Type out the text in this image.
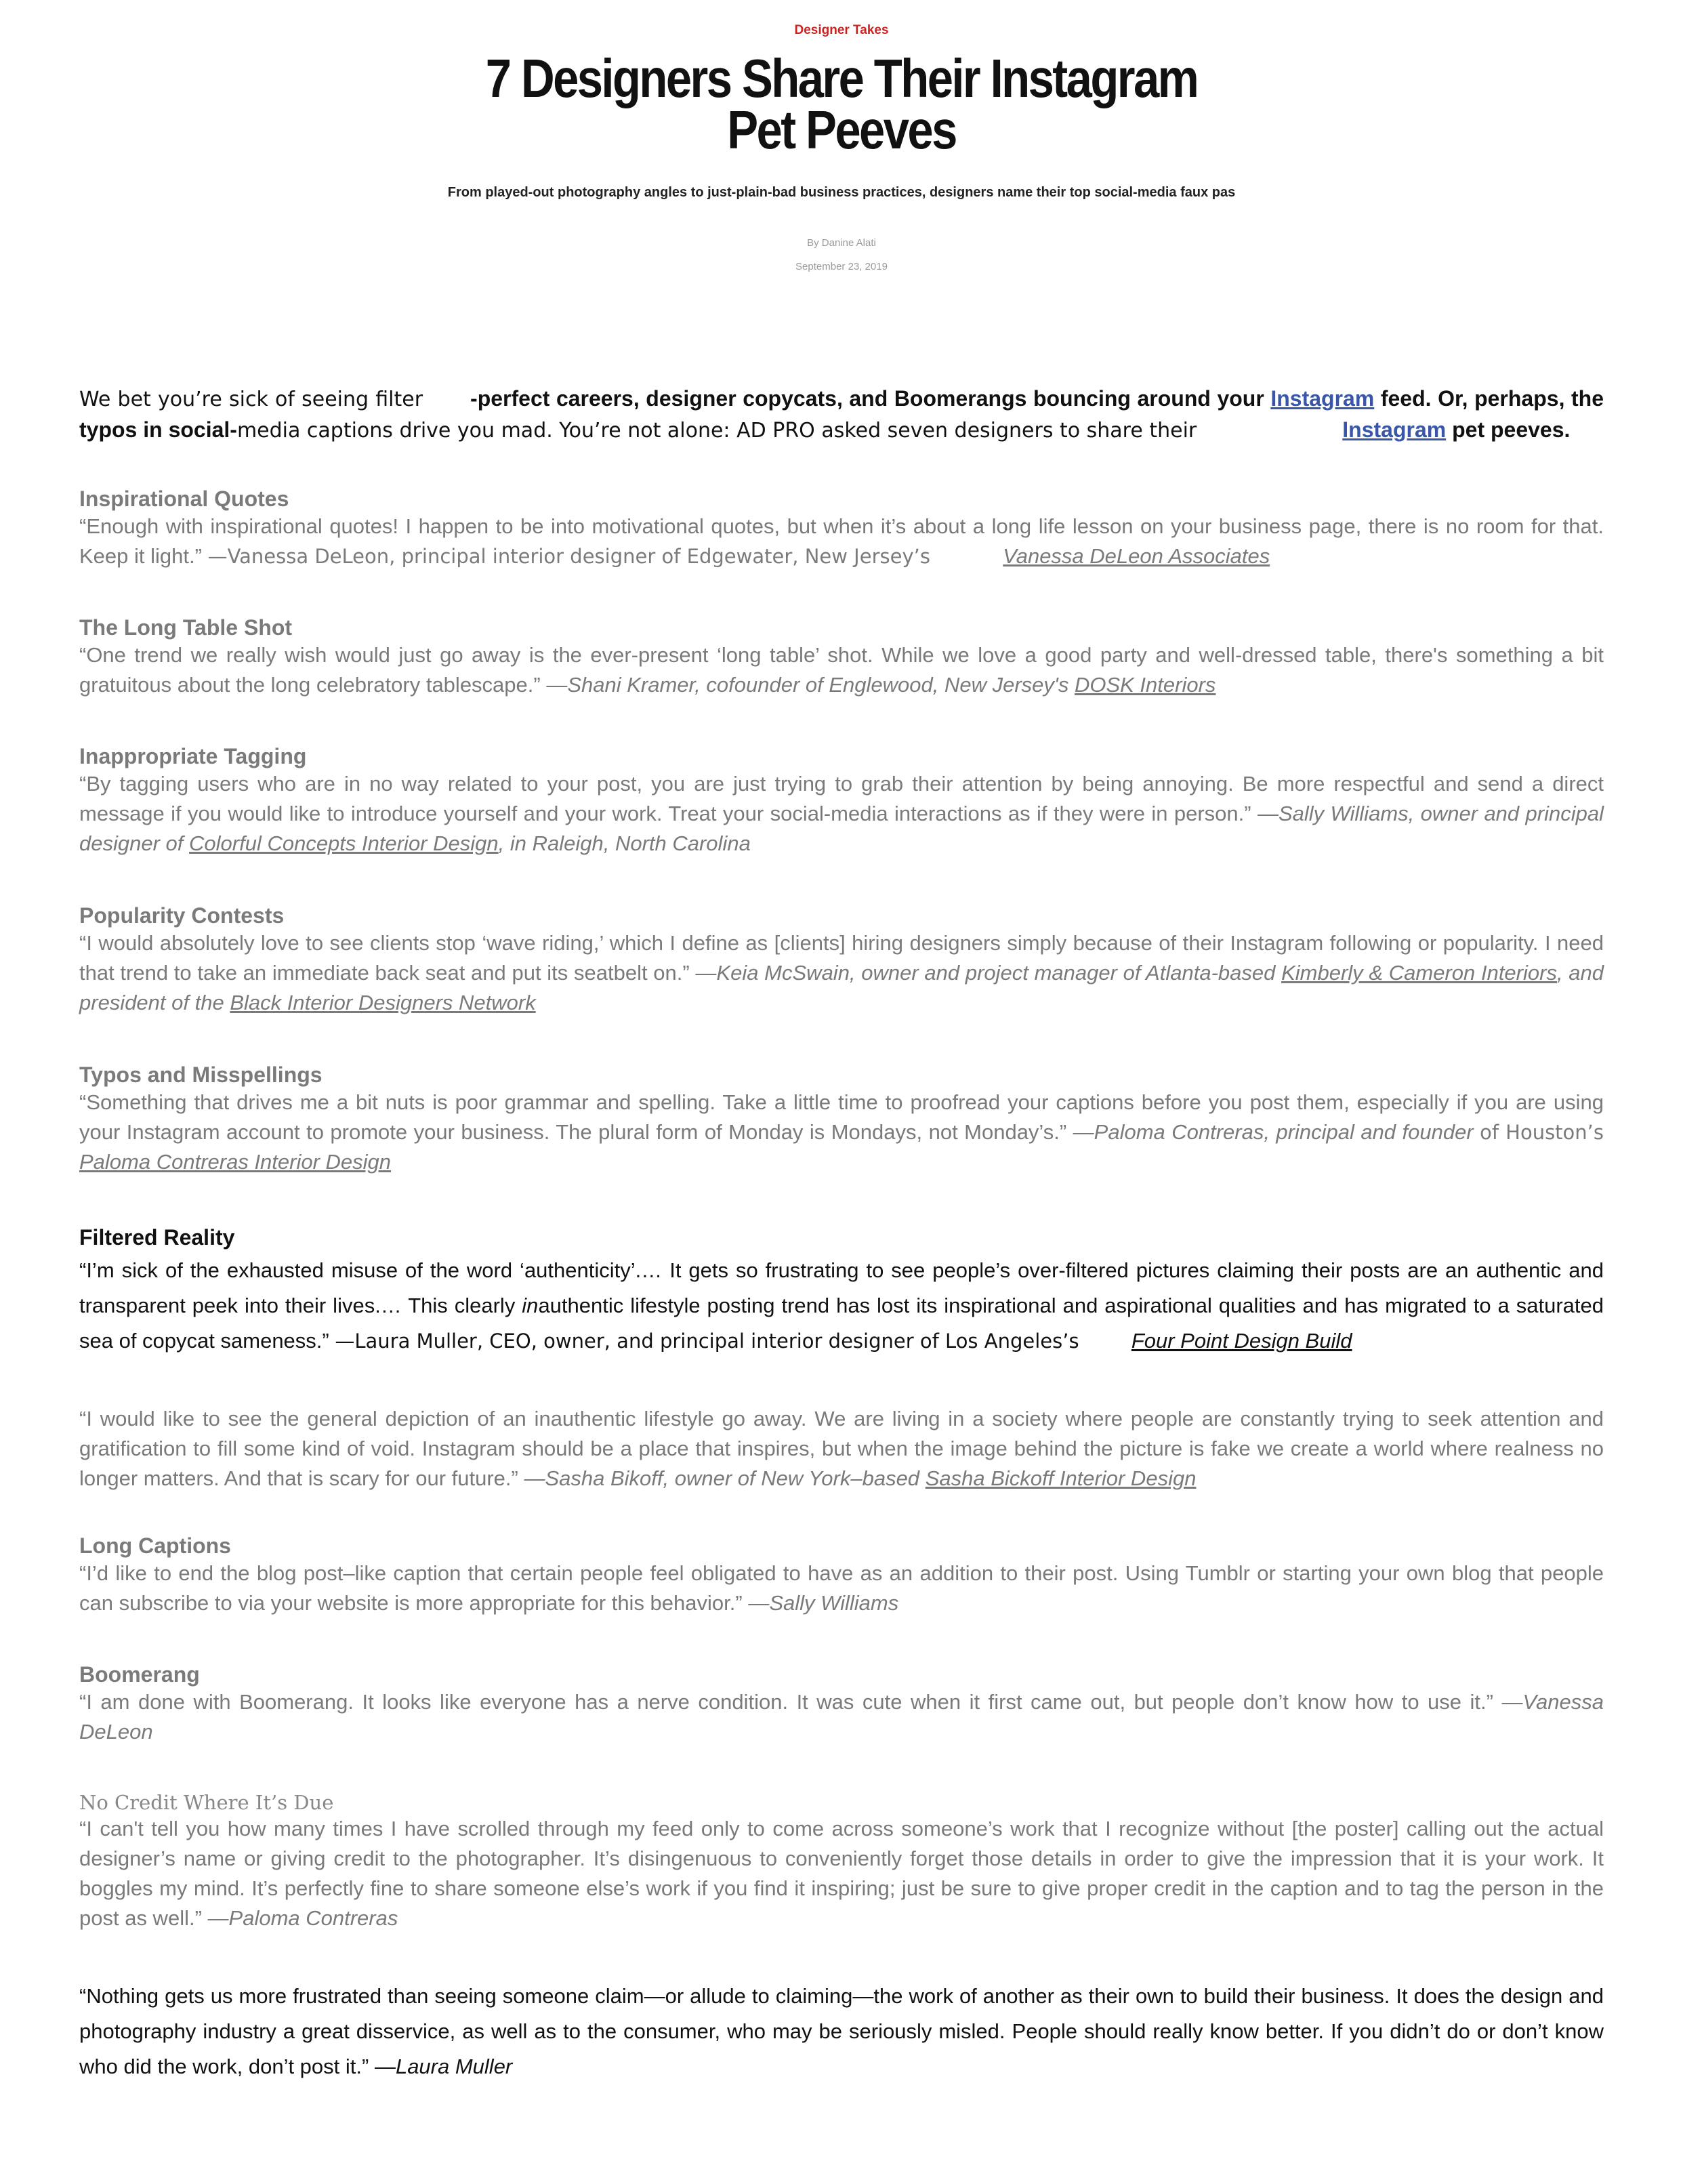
Designer Takes
7 Designers Share Their Instagram Pet Peeves
From played-out photography angles to just-plain-bad business practices, designers name their top social-media faux pas
By Danine Alati
September 23, 2019
We bet you’re sick of seeing filter -perfect careers, designer copycats, and Boomerangs bouncing around your Instagram feed. Or, perhaps, the typos in social-media captions drive you mad. You’re not alone: AD PRO asked seven designers to share their	Instagram pet peeves.
Inspirational Quotes
“Enough with inspirational quotes! I happen to be into motivational quotes, but when it’s about a long life lesson on your business page, there is no room for that. Keep it light.” —Vanessa DeLeon, principal interior designer of Edgewater, New Jersey’s	Vanessa DeLeon Associates
The Long Table Shot
“One trend we really wish would just go away is the ever-present ‘long table’ shot. While we love a good party and well-dressed table, there's something a bit gratuitous about the long celebratory tablescape.” —Shani Kramer, cofounder of Englewood, New Jersey's DOSK Interiors
Inappropriate Tagging
“By tagging users who are in no way related to your post, you are just trying to grab their attention by being annoying. Be more respectful and send a direct message if you would like to introduce yourself and your work. Treat your social-media interactions as if they were in person.” —Sally Williams, owner and principal designer of Colorful Concepts Interior Design, in Raleigh, North Carolina
Popularity Contests
“I would absolutely love to see clients stop ‘wave riding,’ which I define as [clients] hiring designers simply because of their Instagram following or popularity. I need that trend to take an immediate back seat and put its seatbelt on.” —Keia McSwain, owner and project manager of Atlanta-based Kimberly & Cameron Interiors, and president of the Black Interior Designers Network
Typos and Misspellings
“Something that drives me a bit nuts is poor grammar and spelling. Take a little time to proofread your captions before you post them, especially if you are using your Instagram account to promote your business. The plural form of Monday is Mondays, not Monday’s.” —Paloma Contreras, principal and founder of Houston’s Paloma Contreras Interior Design
Filtered Reality
“I’m sick of the exhausted misuse of the word ‘authenticity’.… It gets so frustrating to see people’s over-filtered pictures claiming their posts are an authentic and transparent peek into their lives.… This clearly inauthentic lifestyle posting trend has lost its inspirational and aspirational qualities and has migrated to a saturated sea of copycat sameness.” —Laura Muller, CEO, owner, and principal interior designer of Los Angeles’s Four Point Design Build
“I would like to see the general depiction of an inauthentic lifestyle go away. We are living in a society where people are constantly trying to seek attention and gratification to fill some kind of void. Instagram should be a place that inspires, but when the image behind the picture is fake we create a world where realness no longer matters. And that is scary for our future.” —Sasha Bikoff, owner of New York–based Sasha Bickoff Interior Design
Long Captions
“I’d like to end the blog post–like caption that certain people feel obligated to have as an addition to their post. Using Tumblr or starting your own blog that people can subscribe to via your website is more appropriate for this behavior.” —Sally Williams
Boomerang
“I am done with Boomerang. It looks like everyone has a nerve condition. It was cute when it first came out, but people don’t know how to use it.” —Vanessa DeLeon
No Credit Where It’s Due
“I can't tell you how many times I have scrolled through my feed only to come across someone’s work that I recognize without [the poster] calling out the actual designer’s name or giving credit to the photographer. It’s disingenuous to conveniently forget those details in order to give the impression that it is your work. It boggles my mind. It’s perfectly fine to share someone else’s work if you find it inspiring; just be sure to give proper credit in the caption and to tag the person in the post as well.” —Paloma Contreras
“Nothing gets us more frustrated than seeing someone claim—or allude to claiming—the work of another as their own to build their business. It does the design and photography industry a great disservice, as well as to the consumer, who may be seriously misled. People should really know better. If you didn’t do or don’t know who did the work, don’t post it.” —Laura Muller
